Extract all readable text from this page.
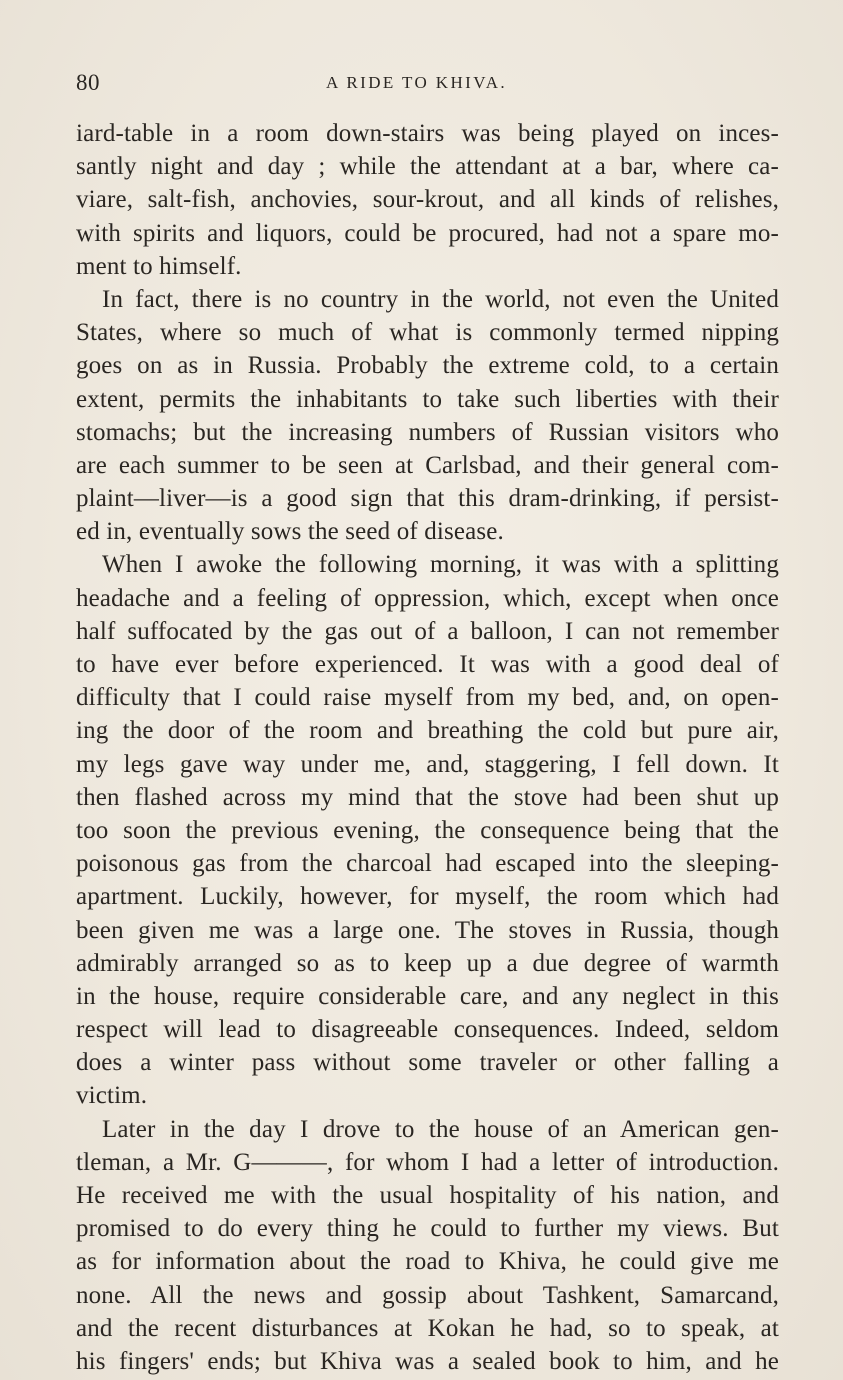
80	A RIDE TO KHIVA.
iard-table in a room down-stairs was being played on inces-
santly night and day ; while the attendant at a bar, where ca-
viare, salt-fish, anchovies, sour-krout, and all kinds of relishes,
with spirits and liquors, could be procured, had not a spare mo-
ment to himself.
In fact, there is no country in the world, not even the United
States, where so much of what is commonly termed nipping
goes on as in Russia. Probably the extreme cold, to a certain
extent, permits the inhabitants to take such liberties with their
stomachs; but the increasing numbers of Russian visitors who
are each summer to be seen at Carlsbad, and their general com-
plaint—liver—is a good sign that this dram-drinking, if persist-
ed in, eventually sows the seed of disease.
When I awoke the following morning, it was with a splitting
headache and a feeling of oppression, which, except when once
half suffocated by the gas out of a balloon, I can not remember
to have ever before experienced. It was with a good deal of
difficulty that I could raise myself from my bed, and, on open-
ing the door of the room and breathing the cold but pure air,
my legs gave way under me, and, staggering, I fell down. It
then flashed across my mind that the stove had been shut up
too soon the previous evening, the consequence being that the
poisonous gas from the charcoal had escaped into the sleeping-
apartment. Luckily, however, for myself, the room which had
been given me was a large one. The stoves in Russia, though
admirably arranged so as to keep up a due degree of warmth
in the house, require considerable care, and any neglect in this
respect will lead to disagreeable consequences. Indeed, seldom
does a winter pass without some traveler or other falling a
victim.
Later in the day I drove to the house of an American gen-
tleman, a Mr. G———, for whom I had a letter of introduction.
He received me with the usual hospitality of his nation, and
promised to do every thing he could to further my views. But
as for information about the road to Khiva, he could give me
none. All the news and gossip about Tashkent, Samarcand,
and the recent disturbances at Kokan he had, so to speak, at
his fingers' ends; but Khiva was a sealed book to him, and he
